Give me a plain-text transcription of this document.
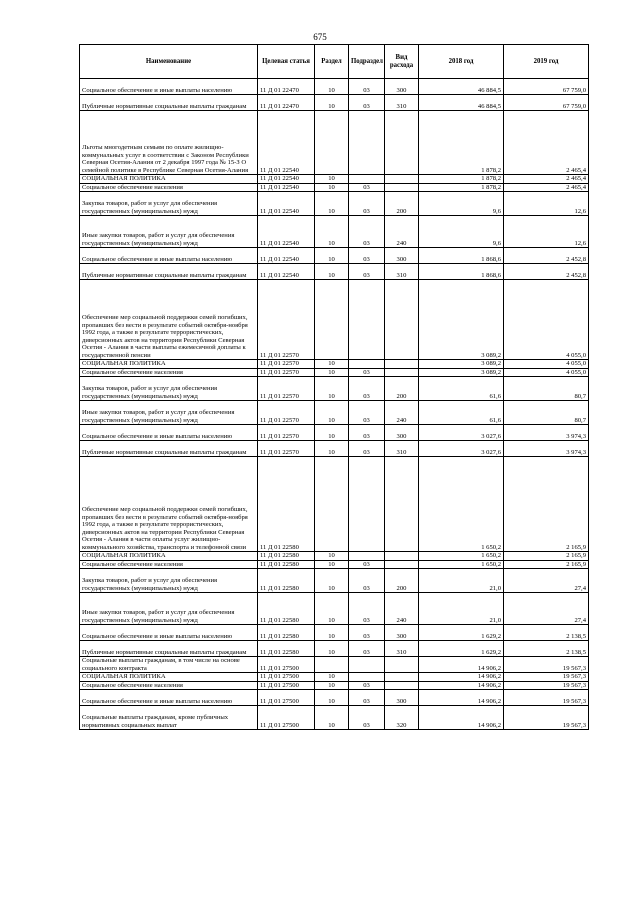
675
Наименование	Целевая статья	Раздел	Подраздел	Вид расхода	2018 год	2019 год
Социальное обеспечение и иные выплаты населению	11 Д 01 22470	10	03	300	46 884,5	67 759,0
Публичные нормативные социальные выплаты гражданам	11 Д 01 22470	10	03	310	46 884,5	67 759,0
Льготы многодетным семьям по оплате жилищно-коммунальных услуг в соответствии с Законом Республики Северная Осетия-Алания от 2 декабря 1997 года № 15-З О семейной политике в Республике Северная Осетия-Алания	11 Д 01 22540				1 878,2	2 465,4
СОЦИАЛЬНАЯ ПОЛИТИКА	11 Д 01 22540	10			1 878,2	2 465,4
Социальное обеспечение населения	11 Д 01 22540	10	03		1 878,2	2 465,4
Закупка товаров, работ и услуг для обеспечения государственных (муниципальных) нужд	11 Д 01 22540	10	03	200	9,6	12,6
Иные закупки товаров, работ и услуг для обеспечения государственных (муниципальных) нужд	11 Д 01 22540	10	03	240	9,6	12,6
Социальное обеспечение и иные выплаты населению	11 Д 01 22540	10	03	300	1 868,6	2 452,8
Публичные нормативные социальные выплаты гражданам	11 Д 01 22540	10	03	310	1 868,6	2 452,8
Обеспечение мер социальной поддержки семей погибших, пропавших без вести в результате событий октября-ноября 1992 года, а также в результате террористических, диверсионных актов на территории Республики Северная Осетия - Алания в части выплаты ежемесячной доплаты к государственной пенсии	11 Д 01 22570				3 089,2	4 055,0
СОЦИАЛЬНАЯ ПОЛИТИКА	11 Д 01 22570	10			3 089,2	4 055,0
Социальное обеспечение населения	11 Д 01 22570	10	03		3 089,2	4 055,0
Закупка товаров, работ и услуг для обеспечения государственных (муниципальных) нужд	11 Д 01 22570	10	03	200	61,6	80,7
Иные закупки товаров, работ и услуг для обеспечения государственных (муниципальных) нужд	11 Д 01 22570	10	03	240	61,6	80,7
Социальное обеспечение и иные выплаты населению	11 Д 01 22570	10	03	300	3 027,6	3 974,3
Публичные нормативные социальные выплаты гражданам	11 Д 01 22570	10	03	310	3 027,6	3 974,3
Обеспечение мер социальной поддержки семей погибших, пропавших без вести в результате событий октября-ноября 1992 года, а также в результате террористических, диверсионных актов на территории Республики Северная Осетия - Алания в части оплаты услуг жилищно-коммунального хозяйства, транспорта и телефонной связи	11 Д 01 22580				1 650,2	2 165,9
СОЦИАЛЬНАЯ ПОЛИТИКА	11 Д 01 22580	10			1 650,2	2 165,9
Социальное обеспечение населения	11 Д 01 22580	10	03		1 650,2	2 165,9
Закупка товаров, работ и услуг для обеспечения государственных (муниципальных) нужд	11 Д 01 22580	10	03	200	21,0	27,4
Иные закупки товаров, работ и услуг для обеспечения государственных (муниципальных) нужд	11 Д 01 22580	10	03	240	21,0	27,4
Социальное обеспечение и иные выплаты населению	11 Д 01 22580	10	03	300	1 629,2	2 138,5
Публичные нормативные социальные выплаты гражданам	11 Д 01 22580	10	03	310	1 629,2	2 138,5
Социальные выплаты гражданам, в том числе на основе социального контракта	11 Д 01 27500				14 906,2	19 567,3
СОЦИАЛЬНАЯ ПОЛИТИКА	11 Д 01 27500	10			14 906,2	19 567,3
Социальное обеспечение населения	11 Д 01 27500	10	03		14 906,2	19 567,3
Социальное обеспечение и иные выплаты населению	11 Д 01 27500	10	03	300	14 906,2	19 567,3
Социальные выплаты гражданам, кроме публичных нормативных социальных выплат	11 Д 01 27500	10	03	320	14 906,2	19 567,3
